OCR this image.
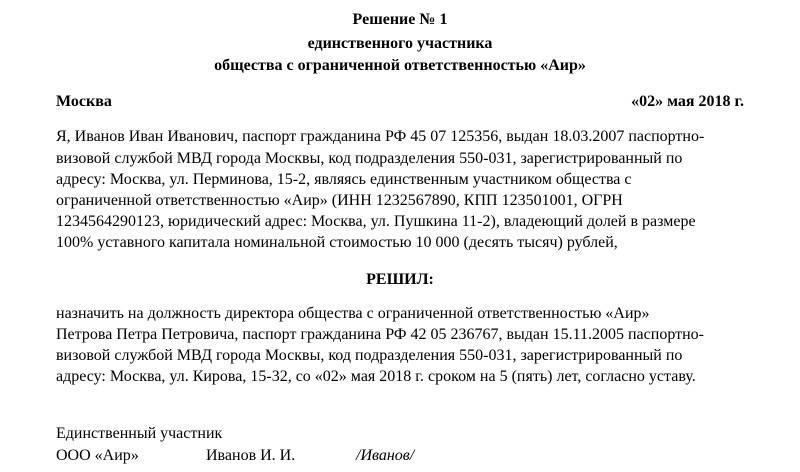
Решение № 1
единственного участника
общества с ограниченной ответственностью «Аир»
Москва	«02» мая 2018 г.
Я, Иванов Иван Иванович, паспорт гражданина РФ 45 07 125356, выдан 18.03.2007 паспортно-
визовой службой МВД города Москвы, код подразделения 550-031, зарегистрированный по
адресу: Москва, ул. Перминова, 15-2, являясь единственным участником общества с
ограниченной ответственностью «Аир» (ИНН 1232567890, КПП 123501001, ОГРН
1234564290123, юридический адрес: Москва, ул. Пушкина 11-2), владеющий долей в размере
100% уставного капитала номинальной стоимостью 10 000 (десять тысяч) рублей,
РЕШИЛ:
назначить на должность директора общества с ограниченной ответственностью «Аир»
Петрова Петра Петровича, паспорт гражданина РФ 42 05 236767, выдан 15.11.2005 паспортно-
визовой службой МВД города Москвы, код подразделения 550-031, зарегистрированный по
адресу: Москва, ул. Кирова, 15-32, со «02» мая 2018 г. сроком на 5 (пять) лет, согласно уставу.
Единственный участник
ООО «Аир»	Иванов И. И.	/Иванов/
